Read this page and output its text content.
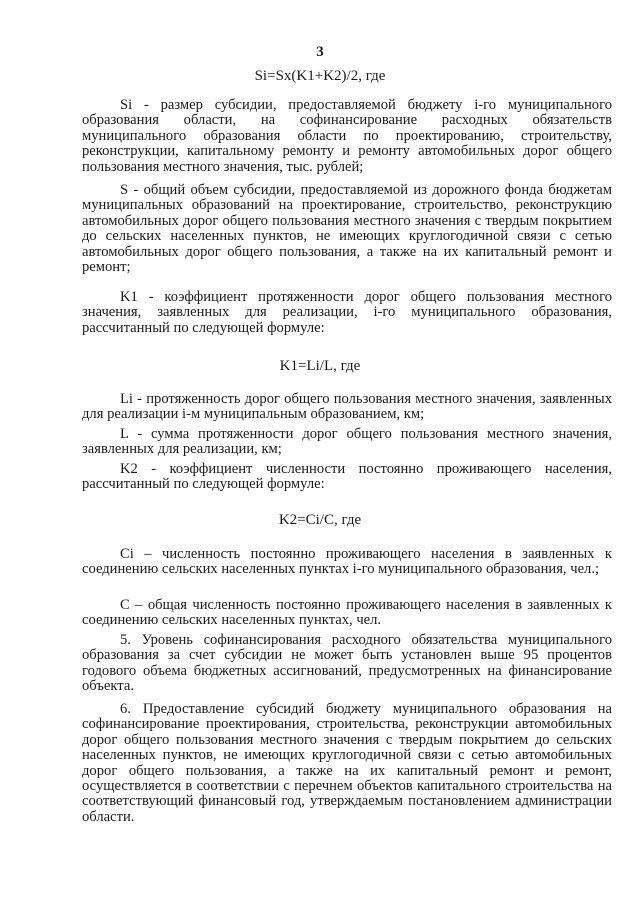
3
Si=Sx(K1+K2)/2, где

Si - размер субсидии, предоставляемой бюджету i-го муниципального образования области, на софинансирование расходных обязательств муниципального образования области по проектированию, строительству, реконструкции, капитальному ремонту и ремонту автомобильных дорог общего пользования местного значения, тыс. рублей;

S - общий объем субсидии, предоставляемой из дорожного фонда бюджетам муниципальных образований на проектирование, строительство, реконструкцию автомобильных дорог общего пользования местного значения с твердым покрытием до сельских населенных пунктов, не имеющих круглогодичной связи с сетью автомобильных дорог общего пользования, а также на их капитальный ремонт и ремонт;

K1 - коэффициент протяженности дорог общего пользования местного значения, заявленных для реализации, i-го муниципального образования, рассчитанный по следующей формуле:

K1=Li/L, где

Li - протяженность дорог общего пользования местного значения, заявленных для реализации i-м муниципальным образованием, км;

L - сумма протяженности дорог общего пользования местного значения, заявленных для реализации, км;

K2 - коэффициент численности постоянно проживающего населения, рассчитанный по следующей формуле:

K2=Ci/C, где

Ci – численность постоянно проживающего населения в заявленных к соединению сельских населенных пунктах i-го муниципального образования, чел.;

С – общая численность постоянно проживающего населения в заявленных к соединению сельских населенных пунктах, чел.

5. Уровень софинансирования расходного обязательства муниципального образования за счет субсидии не может быть установлен выше 95 процентов годового объема бюджетных ассигнований, предусмотренных на финансирование объекта.

6. Предоставление субсидий бюджету муниципального образования на софинансирование проектирования, строительства, реконструкции автомобильных дорог общего пользования местного значения с твердым покрытием до сельских населенных пунктов, не имеющих круглогодичной связи с сетью автомобильных дорог общего пользования, а также на их капитальный ремонт и ремонт, осуществляется в соответствии с перечнем объектов капитального строительства на соответствующий финансовый год, утверждаемым постановлением администрации области.
